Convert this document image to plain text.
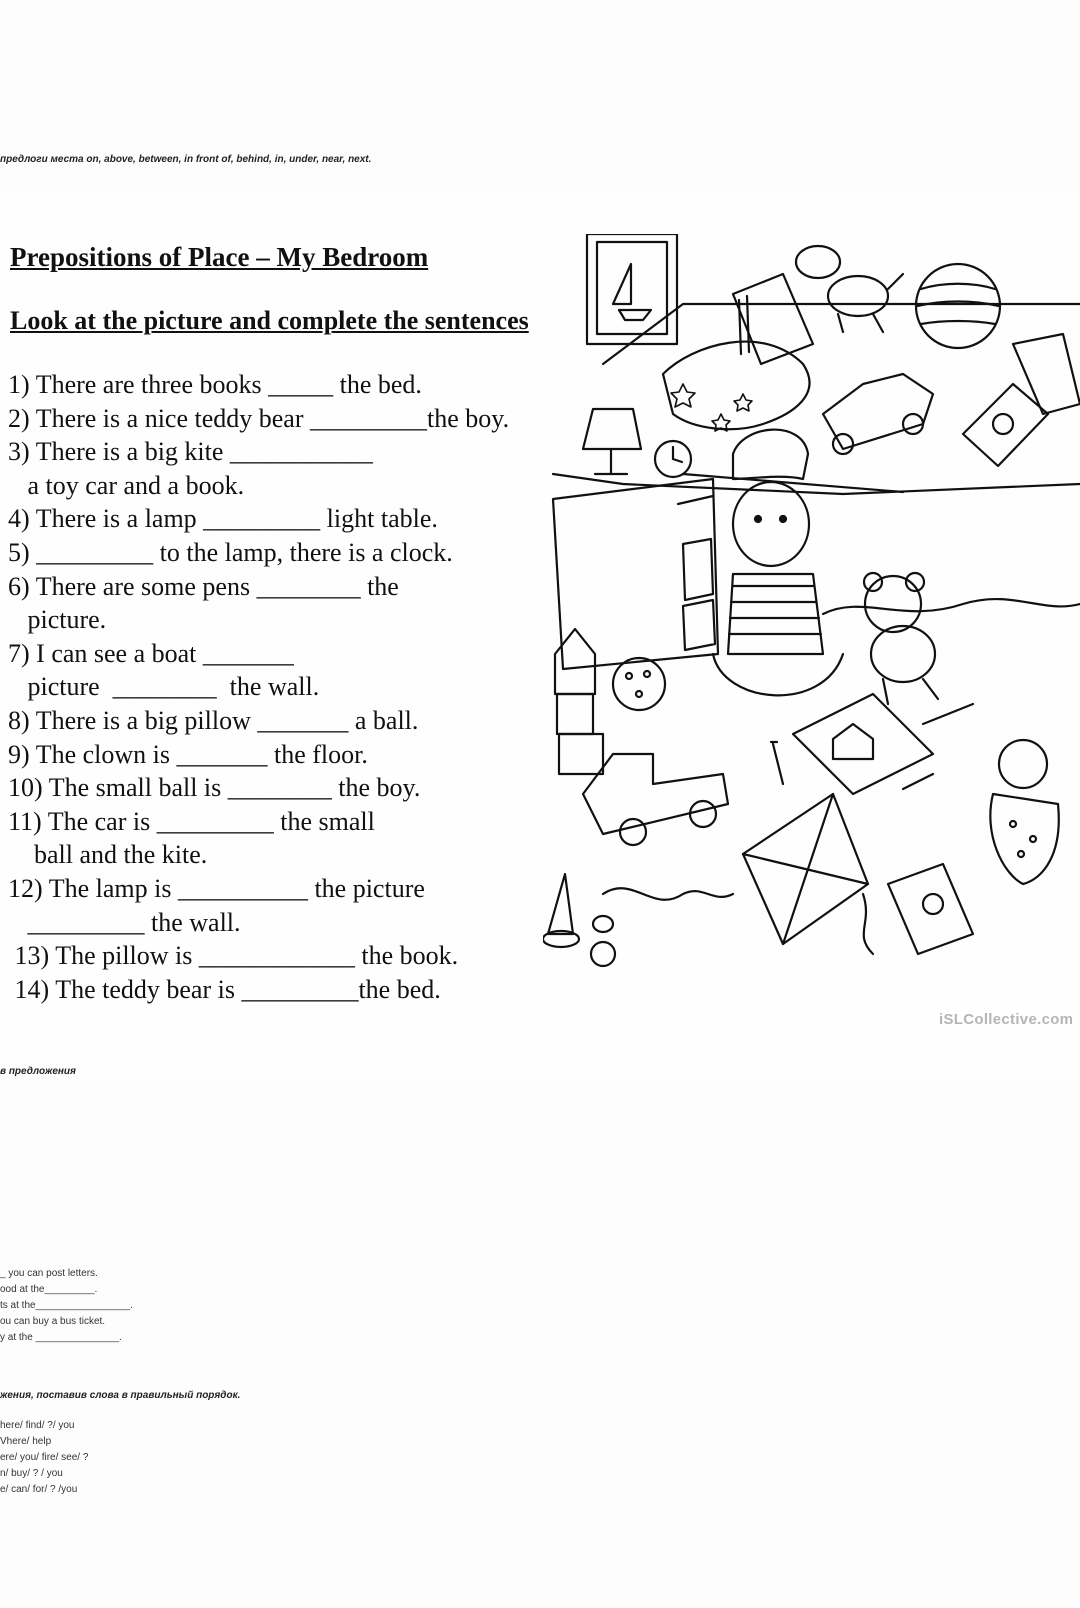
предлоги места on, above, between, in front of, behind, in, under, near, next.
Prepositions of Place – My Bedroom
Look at the picture and complete the sentences
1) There are three books _____ the bed.
2) There is a nice teddy bear _________the boy.
3) There is a big kite ___________
a toy car and a book.
4) There is a lamp _________ light table.
5) _________ to the lamp, there is a clock.
6) There are some pens ________ the
picture.
7) I can see a boat _______
picture  ________  the wall.
8) There is a big pillow _______ a ball.
9) The clown is _______ the floor.
10) The small ball is ________ the boy.
11) The car is _________ the small
ball and the kite.
12) The lamp is __________ the picture
_________ the wall.
13) The pillow is ____________ the book.
14) The teddy bear is _________the bed.
iSLCollective.com
в предложения
_ you can post letters.
ood at the_________.
ts at the_________________.
ou can buy a bus ticket.
y at the _______________.
жения, поставив слова в правильный порядок.
here/ find/ ?/ you
Vhere/ help
ere/ you/ fire/ see/ ?
n/ buy/ ? / you
e/ can/ for/ ? /you
